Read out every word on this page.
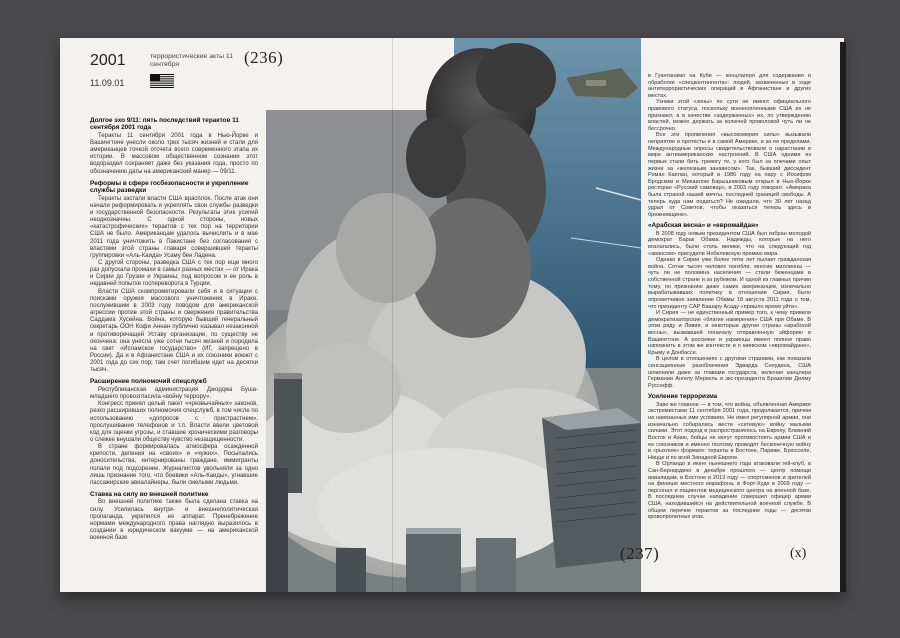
2001
11.09.01
террористические акты 11 сентября	(236)
(237)	(x)
Долгое эхо 9/11: пять последствий терактов 11 сентября 2001 года

Теракты 11 сентября 2001 года в Нью-Йорке и Вашингтоне унесли около трех тысяч жизней и стали для американцев точкой отсчета всего современного этапа их истории. В массовом общественном сознании этот водораздел сохраняет даже без указания года, просто по обозначению даты на американский манер — 09/11.

Реформы в сфере госбезопасности и укрепление службы разведки

Теракты застали власти США врасплох. После атак они начали реформировать и укреплять свои службы разведки и государственной безопасности. Результаты этих усилий неоднозначны. С одной стороны, новых «катастрофических» терактов с тех пор на территории США не было. Американцам удалось вычислить и в мае 2011 года уничтожить в Пакистане без согласования с властями этой страны главаря совершившей теракты группировки «Аль-Каида» Усаму бен Ладена.

С другой стороны, разведка США с тех пор еще много раз допускала промахи в самых разных местах — от Ирака и Сирии до Грузии и Украины; под вопросом и ее роль в недавней попытке госпереворота в Турции.

Власти США скомпрометировали себя и в ситуации с поисками оружия массового уничтожения в Ираке, послужившим в 2003 году поводом для американской агрессии против этой страны и свержения правительства Саддама Хусейна. Война, которую бывший генеральный секретарь ООН Кофи Аннан публично называл незаконной и противоречащей Уставу организации, по существу не окончена: она унесла уже сотни тысяч жизней и породила на свет «Исламское государство» (ИГ, запрещено в России). Да и в Афганистане США и их союзники воюют с 2001 года до сих пор; там счет погибшим идет на десятки тысяч.

Расширение полномочий спецслужб

Республиканская администрация Джорджа Буша-младшего провозгласила «войну террору».

Конгресс принял целый пакет «чрезвычайных» законов, резко расширивших полномочия спецслужб, в том числе по использованию «допросов с пристрастием», прослушивания телефонов и т.п. Власти ввели цветовой код для оценки угрозы, и ставшие хроническими разговоры о слежке внушали обществу чувство незащищенности.

В стране формировалась атмосфера осажденной крепости, деления на «своих» и «чужих». Посыпались доносительства, интернированы граждане, иммигранты попали под подозрение. Журналистов увольняли за одно лишь признание того, что боевики «Аль-Каиды», угнавшие пассажирские авиалайнеры, были смелыми людьми.

Ставка на силу во внешней политике

Во внешней политике также была сделана ставка на силу. Усилилась внутри- и внешнеполитическая пропаганда, укрепился ее аппарат. Пренебрежение нормами международного права наглядно выразилось в создании в юридическом вакууме — на американской военной базе

в Гуантанамо на Кубе — концлагеря для содержания и обработки «спецконтингента»: людей, захваченных в ходе антитеррористических операций в Афганистане и других местах.

Узники этой «зоны» по сути не имеют официального правового статуса, поскольку военнопленными США их не признают, а в качестве «задержанных» их, по утверждению властей, можно держать за колючей проволокой чуть ли не бессрочно.

Все эти проявления «высокомерия силы» вызывали неприятие и протесты и в самой Америке, и за ее пределами. Международные опросы свидетельствовали о нарастании в мире антиамериканских настроений. В США одними из первых стали бить тревогу те, у кого был за плечами опыт жизни за «железным занавесом». Так, бывший диссидент Роман Каплан, который в 1986 году на пару с Иосифом Бродским и Михаилом Барышниковым открыл в Нью-Йорке ресторан «Русский самовар», в 2003 году говорил: «Америка была страной нашей мечты, последней границей свободы. А теперь куда нам податься? Не ожидали, что 30 лет назад удрал от Советов, чтобы оказаться теперь здесь в брежневщине».

«Арабская весна» и «евромайдан»

В 2008 году новым президентом США был избран молодой демократ Барак Обама. Надежды, которые на него возлагались, были столь велики, что на следующий год «авансом» присудили Нобелевскую премию мира.

Однако в Сирии уже более пяти лет пылает гражданская война. Сотни тысяч человек погибли, многие миллионы — чуть ли не половина населения — стали беженцами в собственной стране и за рубежом. И одной из главных причин тому, по признанию даже самих американцев, изначально вырабатывавших политику в отношении Сирии, было опрометчивое заявление Обамы 18 августа 2011 года о том, что президенту САР Башару Асаду «пришло время уйти».

И Сирия — не единственный пример того, к чему привели демократизаторские «благие намерения» США при Обаме. В этом ряду и Ливия, и некоторые другие страны «арабской весны», вызвавшей поначалу отправленную эйфорию в Вашингтоне. А россияне и украинцы имеют полное право напомнить в этом же контексте и о киевском «евромайдане», Крыму и Донбассе.

В целом в отношениях с другими странами, как показали сенсационные разоблачения Эдварда Сноудена, США шпионили даже за главами государств, включая канцлера Германии Ангелу Меркель и экс-президента Бразилии Дилму Руссефф.

Усиление терроризма

Заве же главное — в том, что война, объявленная Америке экстремистами 11 сентября 2001 года, продолжается, причем на навязанных ими условиях. Не имея регулярной армии, они изначально собирались вести «сетевую» войну малыми силами. Этот подход в распространялось на Европу, Ближний Восток и Азию, бойцы не могут противостоять армии США и ее союзников и именно поэтому проводят бесконечную войну в «рыхлом» формате: теракты в Бостоне, Париже, Брюсселе, Ницце и по всей Западной Европе.

В Орландо в июне нынешнего года атаковали гей-клуб, в Сан-Бернардино в декабре прошлого — центр помощи инвалидам, в Бостоне в 2013 году — спортсменов и зрителей на финише местного марафона, в Форт-Худе в 2009 году — персонал и пациентов медицинского центра на военной базе. В последнем случае нападение совершил офицер армии США, находившийся на действительной военной службе. В общем перечне терактов за последние годы — десятки кровопролитных атак.
